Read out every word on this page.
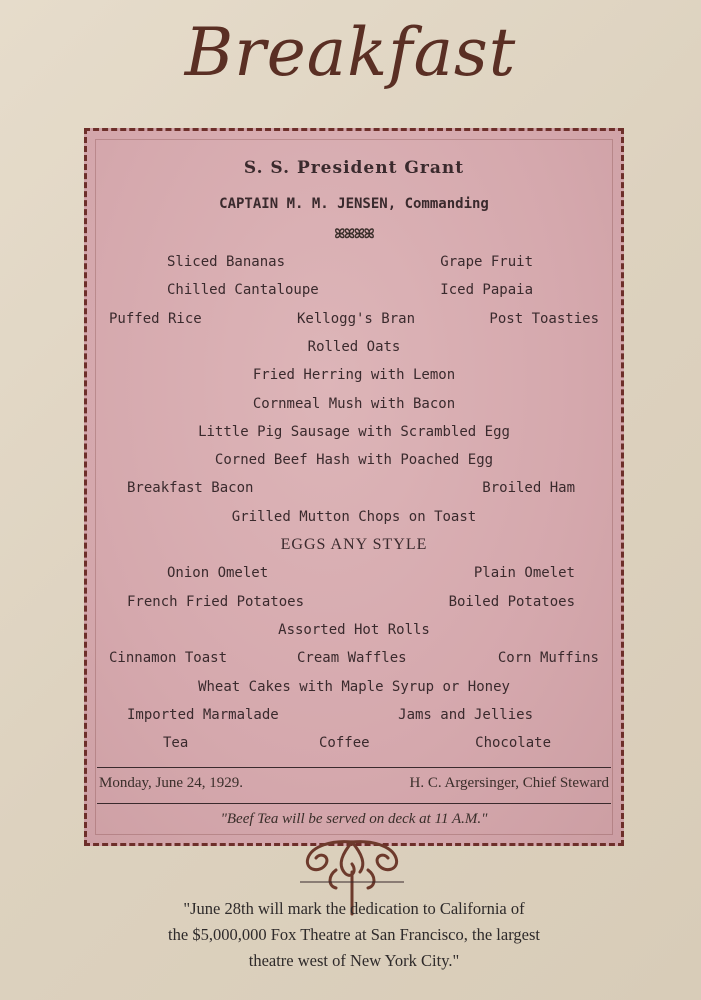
Breakfast
S. S. President Grant
CAPTAIN M. M. JENSEN, Commanding
ꕤꕤꕤꕤ
Sliced Bananas	Grape Fruit
Chilled Cantaloupe	Iced Papaia
Puffed Rice	Kellogg's Bran	Post Toasties
Rolled Oats
Fried Herring with Lemon
Cornmeal Mush with Bacon
Little Pig Sausage with Scrambled Egg
Corned Beef Hash with Poached Egg
Breakfast Bacon	Broiled Ham
Grilled Mutton Chops on Toast
EGGS ANY STYLE
Onion Omelet	Plain Omelet
French Fried Potatoes	Boiled Potatoes
Assorted Hot Rolls
Cinnamon Toast	Cream Waffles	Corn Muffins
Wheat Cakes with Maple Syrup or Honey
Imported Marmalade	Jams and Jellies
Tea	Coffee	Chocolate
Monday, June 24, 1929.	H. C. Argersinger, Chief Steward
"Beef Tea will be served on deck at 11 A.M."
"June 28th will mark the dedication to California of
the $5,000,000 Fox Theatre at San Francisco, the largest
theatre west of New York City."
